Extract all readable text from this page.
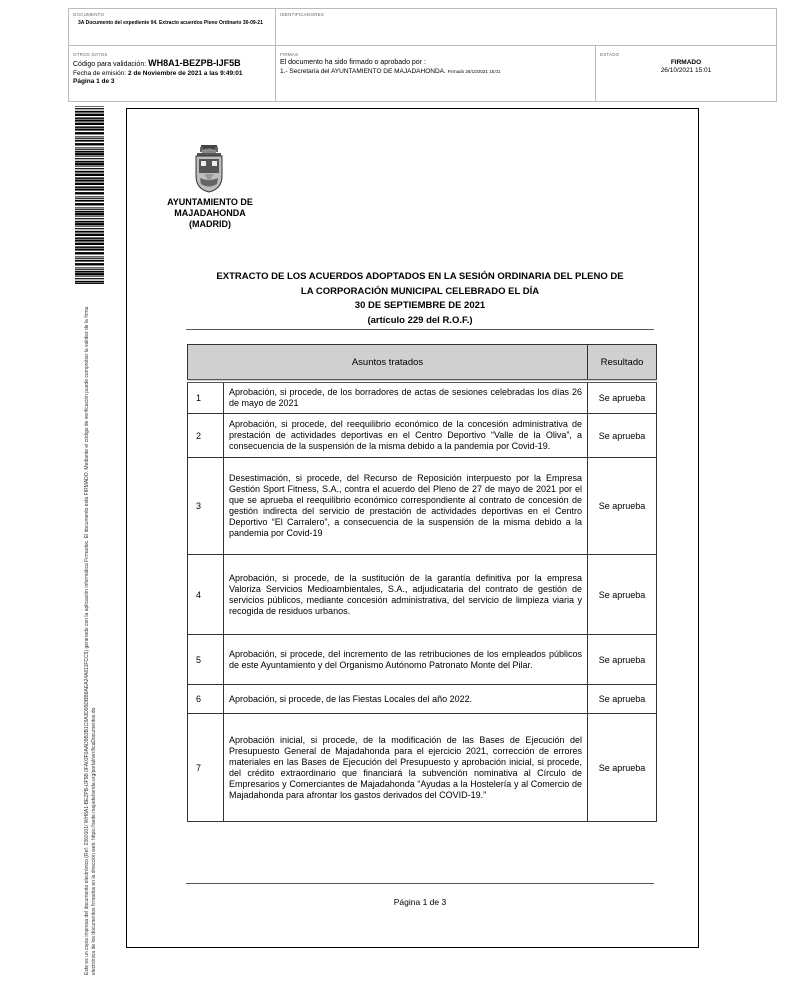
DOCUMENTO
3A Documento del expediente 04. Extracto acuerdos Pleno Ordinario 30-09-21
IDENTIFICADORES
OTROS DATOS
Código para validación: WH8A1-BEZPB-IJF5B
Fecha de emisión: 2 de Noviembre de 2021 a las 9:49:01
Página 1 de 3
FIRMAS
El documento ha sido firmado o aprobado por :
1.- Secretaria del AYUNTAMIENTO DE MAJADAHONDA. Firmado 26/10/2021 15:01
ESTADO
FIRMADO
26/10/2021 15:01
Este es un copia impresa del documento electrónico (Ref: 2360101/ WH8A1-BEZPB-IJF5B 0FA03F0AAD9B3B1C8A3D95DBB8AEA24A811FCC5) generado con la aplicación informática Firmadoc. El documento está FIRMADO. Mediante el código de verificación puede comprobar la validez de la firma electrónica de los documentos firmados en la dirección web: https://sede.majadahonda.org/portal/verificaDocumentos.do
AYUNTAMIENTO DE
MAJADAHONDA
(MADRID)
EXTRACTO DE LOS ACUERDOS ADOPTADOS EN LA SESIÓN ORDINARIA DEL PLENO DE
LA CORPORACIÓN MUNICIPAL CELEBRADO EL DÍA
30 DE SEPTIEMBRE DE 2021
(artículo 229 del R.O.F.)
Asuntos tratados		Resultado
1	Aprobación, si procede, de los borradores de actas de sesiones celebradas los días 26 de mayo de 2021	Se aprueba
2	Aprobación, si procede, del reequilibrio económico de la concesión administrativa de prestación de actividades deportivas en el Centro Deportivo “Valle de la Oliva”, a consecuencia de la suspensión de la misma debido a la pandemia por Covid-19.	Se aprueba
3	Desestimación, si procede, del Recurso de Reposición interpuesto por la Empresa Gestión Sport Fitness, S.A., contra el acuerdo del Pleno de 27 de mayo de 2021 por el que se aprueba el reequilibrio económico correspondiente al contrato de concesión de gestión indirecta del servicio de prestación de actividades deportivas en el Centro Deportivo “El Carralero”, a consecuencia de la suspensión de la misma debido a la pandemia por Covid-19	Se aprueba
4	Aprobación, si procede, de la sustitución de la garantía definitiva por la empresa Valoriza Servicios Medioambientales, S.A., adjudicataria del contrato de gestión de servicios públicos, mediante concesión administrativa, del servicio de limpieza viaria y recogida de residuos urbanos.	Se aprueba
5	Aprobación, si procede, del incremento de las retribuciones de los empleados públicos de este Ayuntamiento y del Organismo Autónomo Patronato Monte del Pilar.	Se aprueba
6	Aprobación, si procede, de las Fiestas Locales del año 2022.	Se aprueba
7	Aprobación inicial, si procede, de la modificación de las Bases de Ejecución del Presupuesto General de Majadahonda para el ejercicio 2021, corrección de errores materiales en las Bases de Ejecución del Presupuesto y aprobación inicial, si procede, del crédito extraordinario que financiará la subvención nominativa al Círculo de Empresarios y Comerciantes de Majadahonda “Ayudas a la Hostelería y al Comercio de Majadahonda para afrontar los gastos derivados del COVID-19.”	Se aprueba
Página 1 de 3
